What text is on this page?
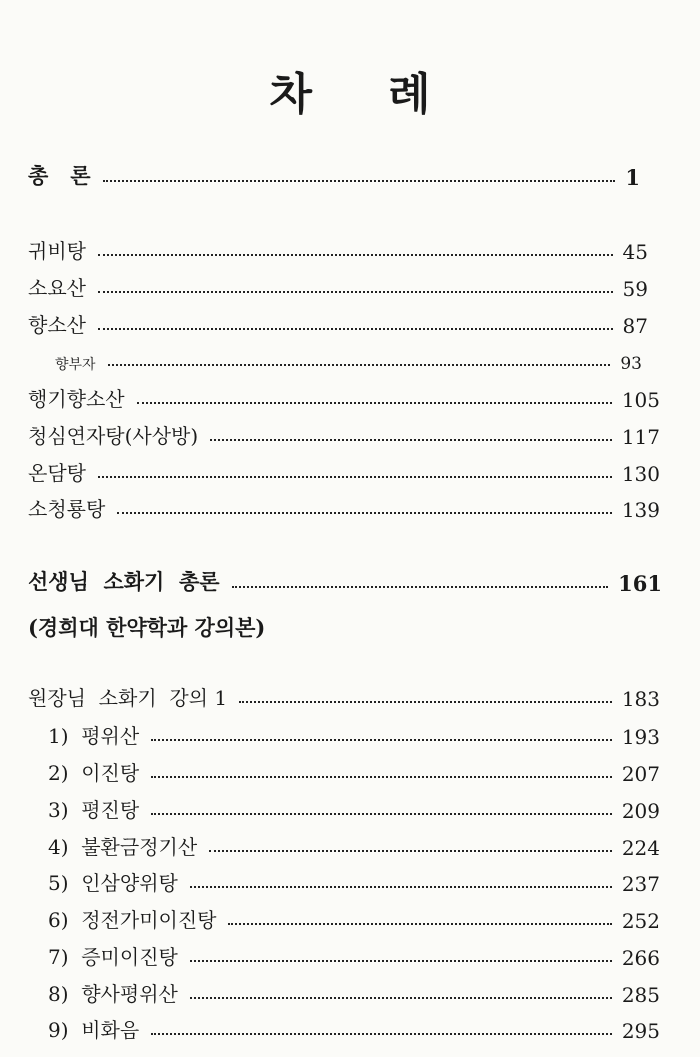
차 례
총   론	1
귀비탕	45
소요산	59
향소산	87
향부자	93
행기향소산	105
청심연자탕(사상방)	117
온담탕	130
소청룡탕	139
선생님  소화기  총론	161
(경희대 한약학과 강의본)
원장님  소화기  강의 1	183
1)  평위산	193
2)  이진탕	207
3)  평진탕	209
4)  불환금정기산	224
5)  인삼양위탕	237
6)  정전가미이진탕	252
7)  증미이진탕	266
8)  향사평위산	285
9)  비화음	295
